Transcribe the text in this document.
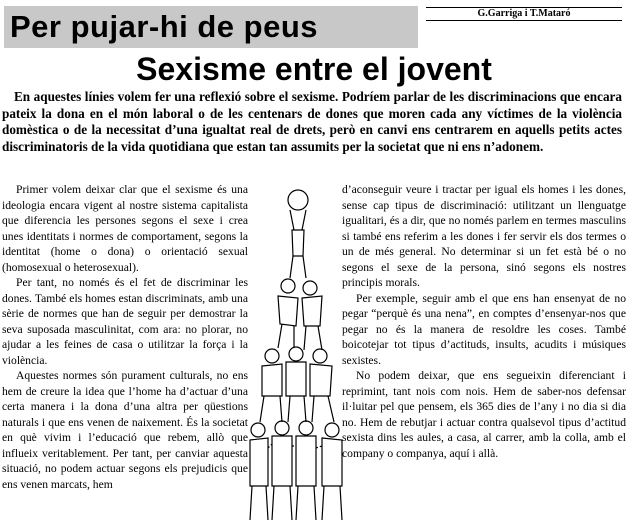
Per pujar-hi de peus	G.Garriga i T.Mataró
Sexisme entre el jovent
En aquestes línies volem fer una reflexió sobre el sexisme. Podríem parlar de les discriminacions que encara pateix la dona en el món laboral o de les centenars de dones que moren cada any víctimes de la violència domèstica o de la necessitat d’una igualtat real de drets, però en canvi ens centrarem en aquells petits actes discriminatoris de la vida quotidiana que estan tan assumits per la societat que ni ens n’adonem.

Primer volem deixar clar que el sexisme és una ideologia encara vigent al nostre sistema capitalista que diferencia les persones segons el sexe i crea unes identitats i normes de comportament, segons la identitat (home o dona) o orientació sexual (homosexual o heterosexual).

Per tant, no només és el fet de discriminar les dones. També els homes estan discriminats, amb una sèrie de normes que han de seguir per demostrar la seva suposada masculinitat, com ara: no plorar, no ajudar a les feines de casa o utilitzar la força i la violència.

Aquestes normes són purament culturals, no ens hem de creure la idea que l’home ha d’actuar d’una certa manera i la dona d’una altra per qüestions naturals i que ens venen de naixement. És la societat en què vivim i l’educació que rebem, allò que influeix veritablement. Per tant, per canviar aquesta situació, no podem actuar segons els prejudicis que ens venen marcats, hem

d’aconseguir veure i tractar per igual els homes i les dones, sense cap tipus de discriminació: utilitzant un llenguatge igualitari, és a dir, que no només parlem en termes masculins si també ens referim a les dones i fer servir els dos termes o un de més general. No determinar si un fet està bé o no segons el sexe de la persona, sinó segons els nostres principis morals.

Per exemple, seguir amb el que ens han ensenyat de no pegar “perquè és una nena”, en comptes d’ensenyar-nos que pegar no és la manera de resoldre les coses. També boicotejar tot tipus d’actituds, insults, acudits i músiques sexistes.

No podem deixar, que ens segueixin diferenciant i reprimint, tant nois com nois. Hem de saber-nos defensar il·luitar pel que pensem, els 365 dies de l’any i no dia si dia no. Hem de rebutjar i actuar contra qualsevol tipus d’actitud sexista dins les aules, a casa, al carrer, amb la colla, amb el company o companya, aquí i allà.
